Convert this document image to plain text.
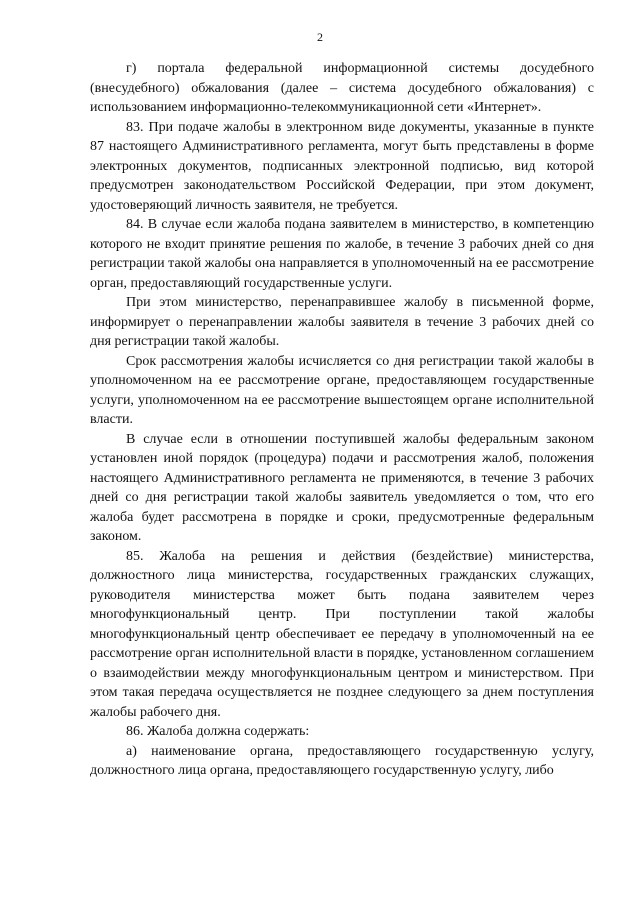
2

г) портала федеральной информационной системы досудебного (внесудебного) обжалования (далее – система досудебного обжалования) с использованием информационно-телекоммуникационной сети «Интернет».

83. При подаче жалобы в электронном виде документы, указанные в пункте 87 настоящего Административного регламента, могут быть представлены в форме электронных документов, подписанных электронной подписью, вид которой предусмотрен законодательством Российской Федерации, при этом документ, удостоверяющий личность заявителя, не требуется.

84. В случае если жалоба подана заявителем в министерство, в компетенцию которого не входит принятие решения по жалобе, в течение 3 рабочих дней со дня регистрации такой жалобы она направляется в уполномоченный на ее рассмотрение орган, предоставляющий государственные услуги.

При этом министерство, перенаправившее жалобу в письменной форме, информирует о перенаправлении жалобы заявителя в течение 3 рабочих дней со дня регистрации такой жалобы.

Срок рассмотрения жалобы исчисляется со дня регистрации такой жалобы в уполномоченном на ее рассмотрение органе, предоставляющем государственные услуги, уполномоченном на ее рассмотрение вышестоящем органе исполнительной власти.

В случае если в отношении поступившей жалобы федеральным законом установлен иной порядок (процедура) подачи и рассмотрения жалоб, положения настоящего Административного регламента не применяются, в течение 3 рабочих дней со дня регистрации такой жалобы заявитель уведомляется о том, что его жалоба будет рассмотрена в порядке и сроки, предусмотренные федеральным законом.

85. Жалоба на решения и действия (бездействие) министерства, должностного лица министерства, государственных гражданских служащих, руководителя министерства может быть подана заявителем через многофункциональный центр. При поступлении такой жалобы многофункциональный центр обеспечивает ее передачу в уполномоченный на ее рассмотрение орган исполнительной власти в порядке, установленном соглашением о взаимодействии между многофункциональным центром и министерством. При этом такая передача осуществляется не позднее следующего за днем поступления жалобы рабочего дня.

86. Жалоба должна содержать:

а) наименование органа, предоставляющего государственную услугу, должностного лица органа, предоставляющего государственную услугу, либо
